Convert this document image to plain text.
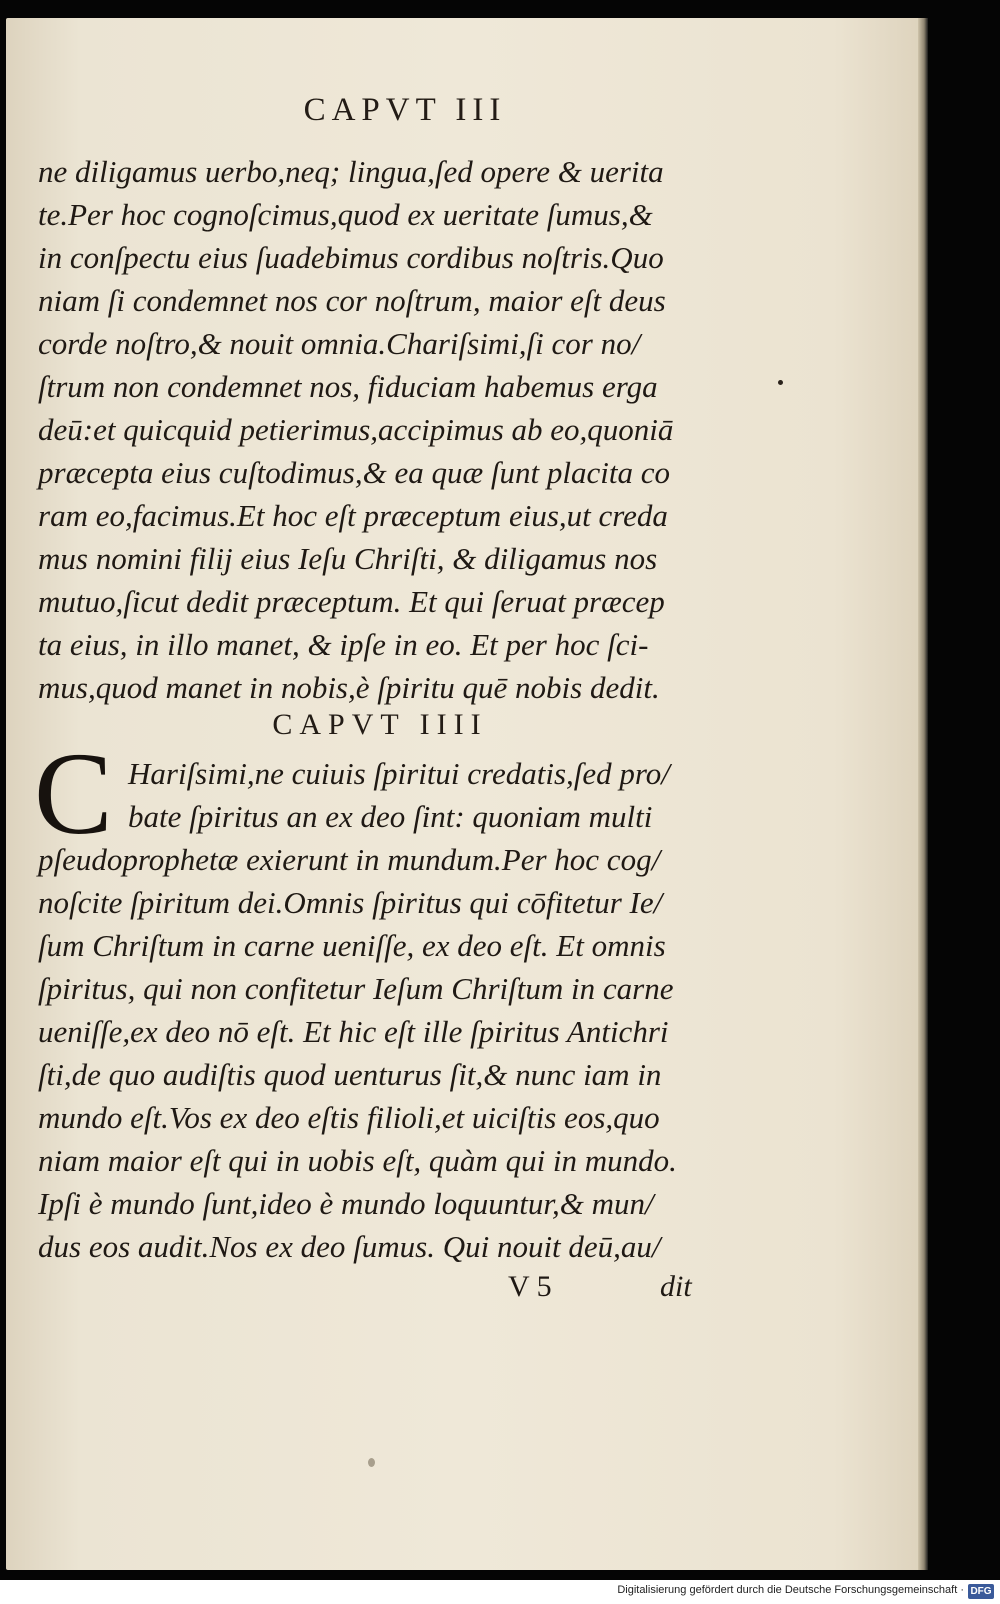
CAPVT III
ne diligamus uerbo,neq; lingua,ſed opere & uerita
te.Per hoc cognoſcimus,quod ex ueritate ſumus,&
in conſpectu eius ſuadebimus cordibus noſtris.Quo
niam ſi condemnet nos cor noſtrum, maior eſt deus
corde noſtro,& nouit omnia.Chariſsimi,ſi cor no/
ſtrum non condemnet nos, fiduciam habemus erga
deū:et quicquid petierimus,accipimus ab eo,quoniā
præcepta eius cuſtodimus,& ea quæ ſunt placita co
ram eo,facimus.Et hoc eſt præceptum eius,ut creda
mus nomini filij eius Ieſu Chriſti, & diligamus nos
mutuo,ſicut dedit præceptum. Et qui ſeruat præcep
ta eius, in illo manet, & ipſe in eo. Et per hoc ſci-
mus,quod manet in nobis,è ſpiritu quē nobis dedit.
CAPVT IIII
C Hariſsimi,ne cuiuis ſpiritui credatis,ſed pro/
bate ſpiritus an ex deo ſint: quoniam multi
pſeudoprophetæ exierunt in mundum.Per hoc cog/
noſcite ſpiritum dei.Omnis ſpiritus qui cōfitetur Ie/
ſum Chriſtum in carne ueniſſe, ex deo eſt. Et omnis
ſpiritus, qui non confitetur Ieſum Chriſtum in carne
ueniſſe,ex deo nō eſt. Et hic eſt ille ſpiritus Antichri
ſti,de quo audiſtis quod uenturus ſit,& nunc iam in
mundo eſt.Vos ex deo eſtis filioli,et uiciſtis eos,quo
niam maior eſt qui in uobis eſt, quàm qui in mundo.
Ipſi è mundo ſunt,ideo è mundo loquuntur,& mun/
dus eos audit.Nos ex deo ſumus. Qui nouit deū,au/
V 5	dit
Digitalisierung gefördert durch die Deutsche Forschungsgemeinschaft · DFG
